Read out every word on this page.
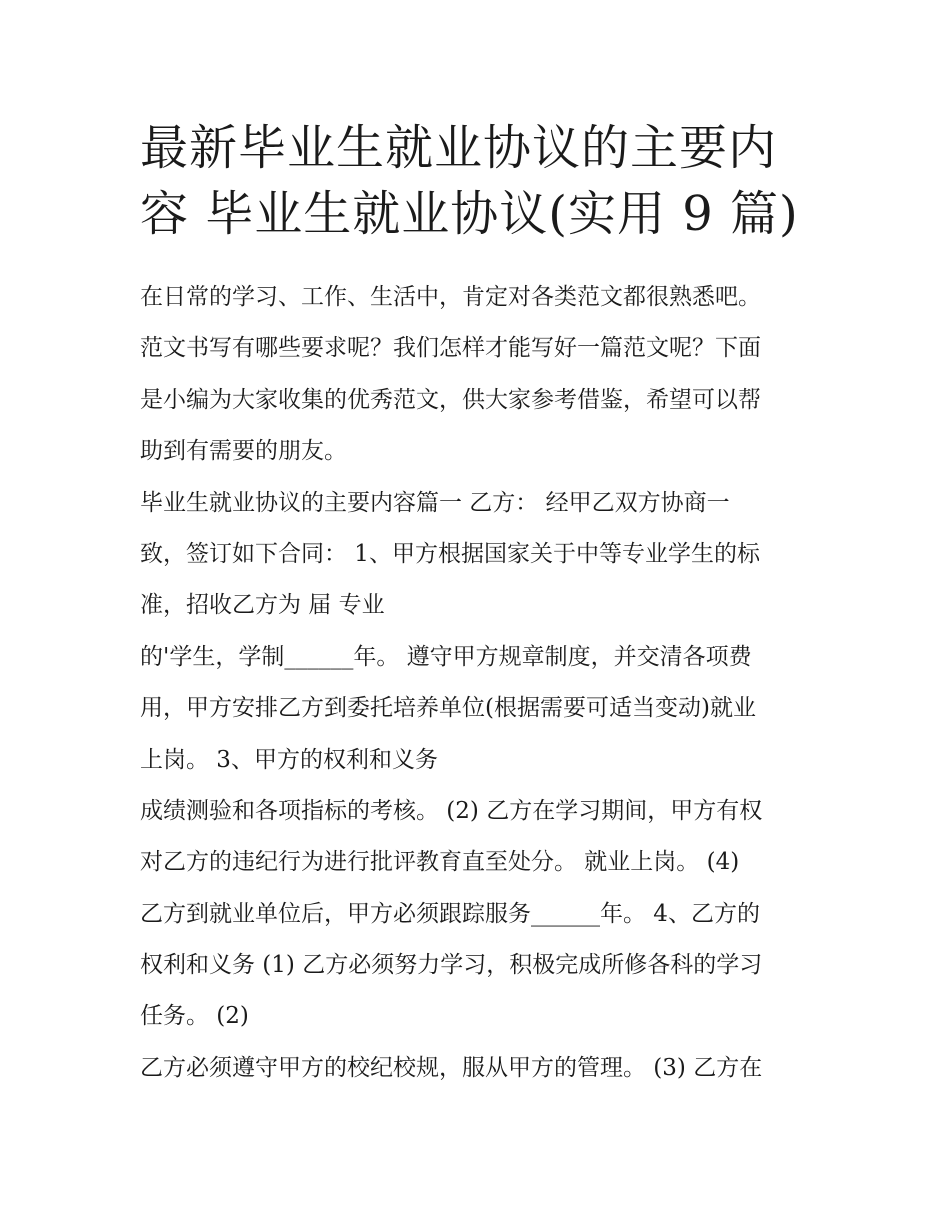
最新毕业生就业协议的主要内
容 毕业生就业协议(实用 9 篇)
在日常的学习、工作、生活中，肯定对各类范文都很熟悉吧。
范文书写有哪些要求呢？我们怎样才能写好一篇范文呢？下面
是小编为大家收集的优秀范文，供大家参考借鉴，希望可以帮
助到有需要的朋友。
毕业生就业协议的主要内容篇一 乙方： 经甲乙双方协商一
致，签订如下合同： 1、甲方根据国家关于中等专业学生的标
准，招收乙方为 届 专业
的'学生，学制______年。 遵守甲方规章制度，并交清各项费
用，甲方安排乙方到委托培养单位(根据需要可适当变动)就业
上岗。 3、甲方的权利和义务
成绩测验和各项指标的考核。 (2) 乙方在学习期间，甲方有权
对乙方的违纪行为进行批评教育直至处分。 就业上岗。 (4)
乙方到就业单位后，甲方必须跟踪服务______年。 4、乙方的
权利和义务 (1) 乙方必须努力学习，积极完成所修各科的学习
任务。 (2)
乙方必须遵守甲方的校纪校规，服从甲方的管理。 (3) 乙方在
